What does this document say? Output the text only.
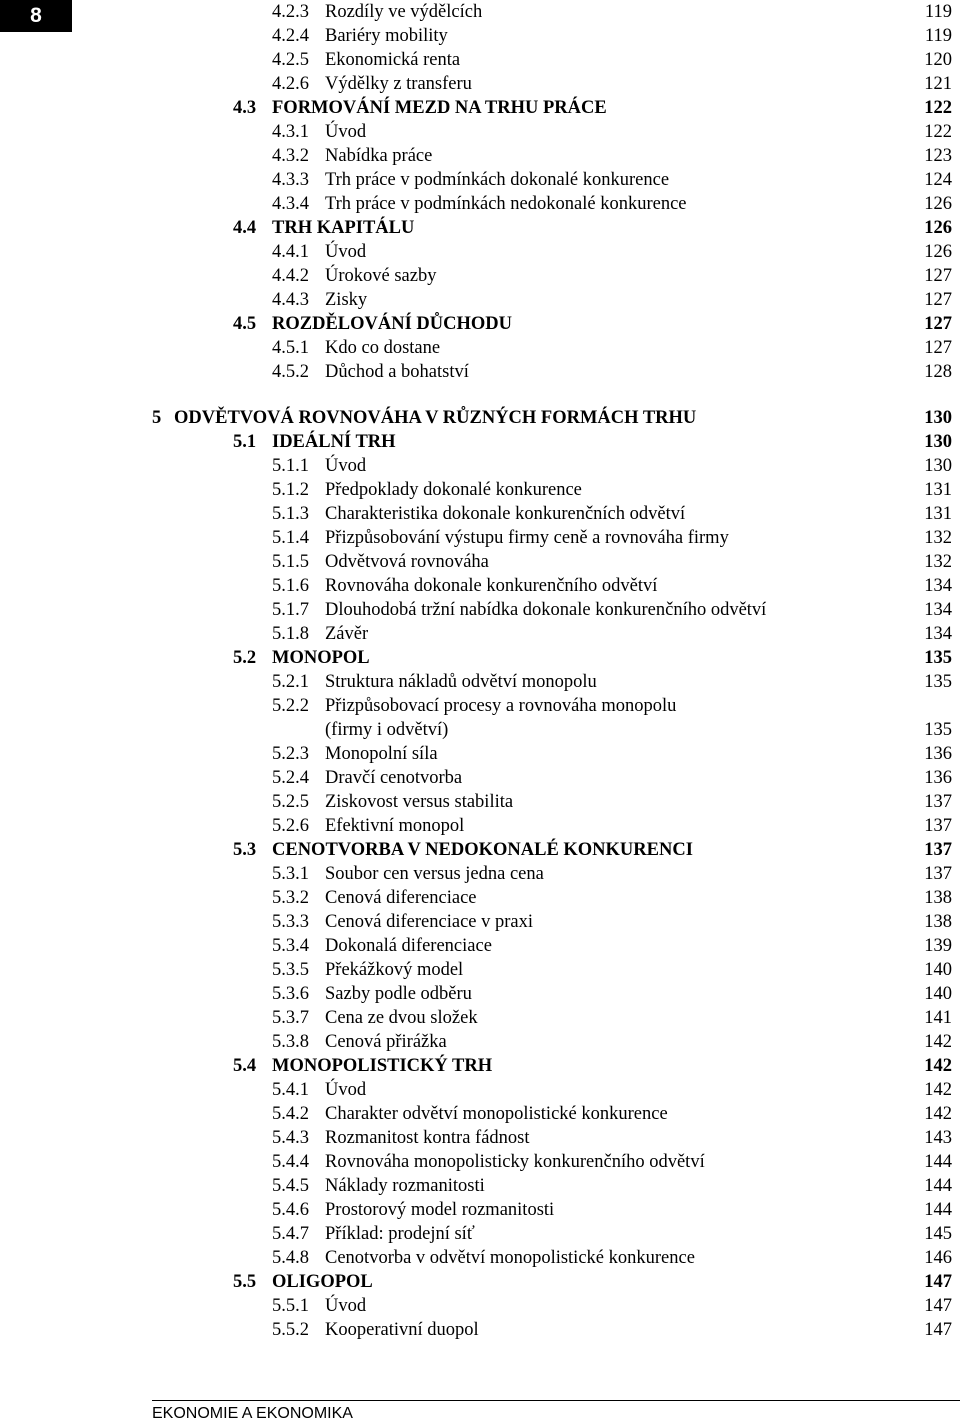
8	4.2.3 Rozdíly ve výdělcích	119
4.2.4 Bariéry mobility	119
4.2.5 Ekonomická renta	120
4.2.6 Výdělky z transferu	121
4.3 FORMOVÁNÍ MEZD NA TRHU PRÁCE	122
4.3.1 Úvod	122
4.3.2 Nabídka práce	123
4.3.3 Trh práce v podmínkách dokonalé konkurence	124
4.3.4 Trh práce v podmínkách nedokonalé konkurence	126
4.4 TRH KAPITÁLU	126
4.4.1 Úvod	126
4.4.2 Úrokové sazby	127
4.4.3 Zisky	127
4.5 ROZDĚLOVÁNÍ DŮCHODU	127
4.5.1 Kdo co dostane	127
4.5.2 Důchod a bohatství	128
5 ODVĚTVOVÁ ROVNOVÁHA V RŮZNÝCH FORMÁCH TRHU	130
5.1 IDEÁLNÍ TRH	130
5.1.1 Úvod	130
5.1.2 Předpoklady dokonalé konkurence	131
5.1.3 Charakteristika dokonale konkurenčních odvětví	131
5.1.4 Přizpůsobování výstupu firmy ceně a rovnováha firmy	132
5.1.5 Odvětvová rovnováha	132
5.1.6 Rovnováha dokonale konkurenčního odvětví	134
5.1.7 Dlouhodobá tržní nabídka dokonale konkurenčního odvětví	134
5.1.8 Závěr	134
5.2 MONOPOL	135
5.2.1 Struktura nákladů odvětví monopolu	135
5.2.2 Přizpůsobovací procesy a rovnováha monopolu
(firmy i odvětví)	135
5.2.3 Monopolní síla	136
5.2.4 Dravčí cenotvorba	136
5.2.5 Ziskovost versus stabilita	137
5.2.6 Efektivní monopol	137
5.3 CENOTVORBA V NEDOKONALÉ KONKURENCI	137
5.3.1 Soubor cen versus jedna cena	137
5.3.2 Cenová diferenciace	138
5.3.3 Cenová diferenciace v praxi	138
5.3.4 Dokonalá diferenciace	139
5.3.5 Překážkový model	140
5.3.6 Sazby podle odběru	140
5.3.7 Cena ze dvou složek	141
5.3.8 Cenová přirážka	142
5.4 MONOPOLISTICKÝ TRH	142
5.4.1 Úvod	142
5.4.2 Charakter odvětví monopolistické konkurence	142
5.4.3 Rozmanitost kontra fádnost	143
5.4.4 Rovnováha monopolisticky konkurenčního odvětví	144
5.4.5 Náklady rozmanitosti	144
5.4.6 Prostorový model rozmanitosti	144
5.4.7 Příklad: prodejní síť	145
5.4.8 Cenotvorba v odvětví monopolistické konkurence	146
5.5 OLIGOPOL	147
5.5.1 Úvod	147
5.5.2 Kooperativní duopol	147
EKONOMIE A EKONOMIKA
